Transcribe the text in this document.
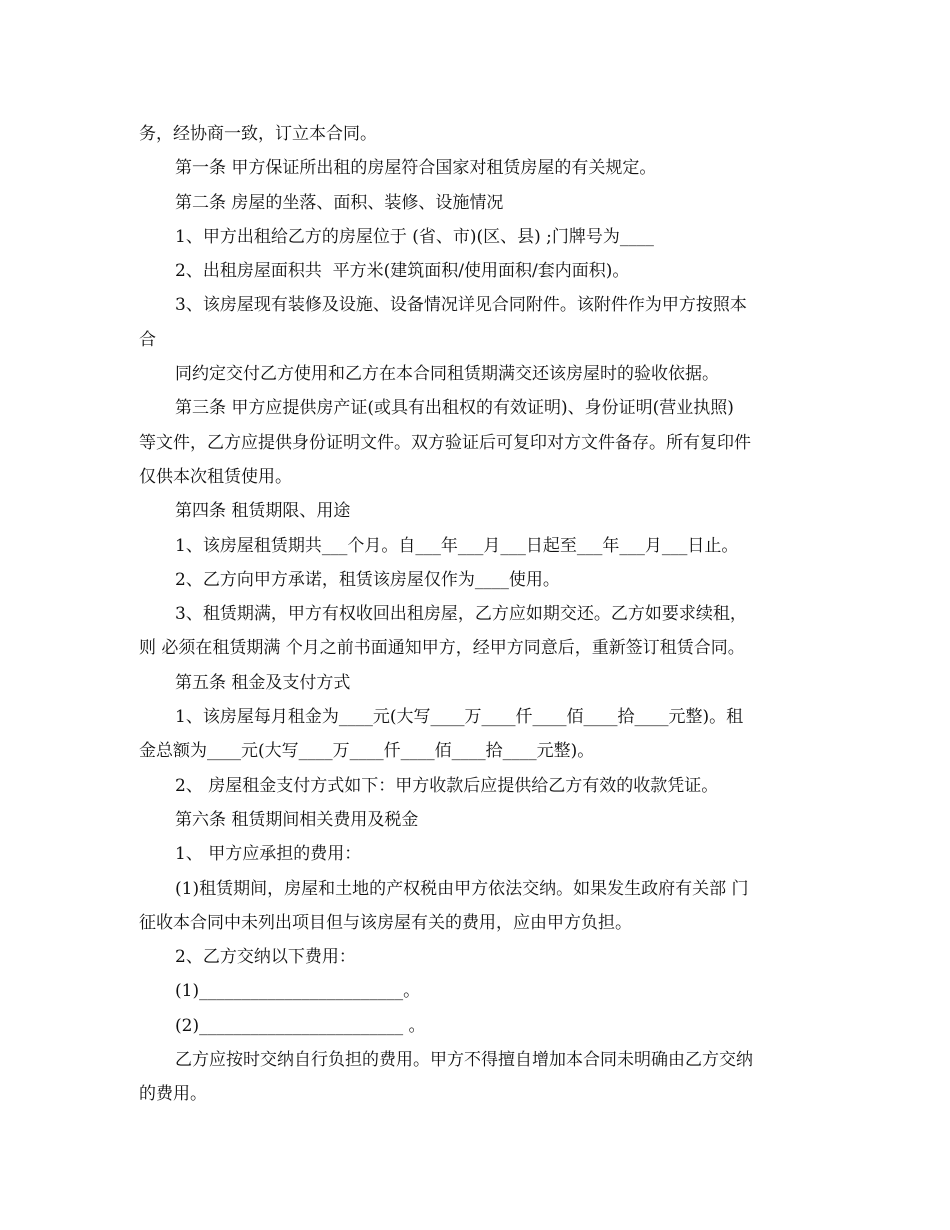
务，经协商一致，订立本合同。
第一条 甲方保证所出租的房屋符合国家对租赁房屋的有关规定。
第二条 房屋的坐落、面积、装修、设施情况
1、甲方出租给乙方的房屋位于 (省、市)(区、县) ;门牌号为____
2、出租房屋面积共  平方米(建筑面积/使用面积/套内面积)。
3、该房屋现有装修及设施、设备情况详见合同附件。该附件作为甲方按照本
合
同约定交付乙方使用和乙方在本合同租赁期满交还该房屋时的验收依据。
第三条 甲方应提供房产证(或具有出租权的有效证明)、身份证明(营业执照)
等文件，乙方应提供身份证明文件。双方验证后可复印对方文件备存。所有复印件
仅供本次租赁使用。
第四条 租赁期限、用途
1、该房屋租赁期共___个月。自___年___月___日起至___年___月___日止。
2、乙方向甲方承诺，租赁该房屋仅作为____使用。
3、租赁期满，甲方有权收回出租房屋，乙方应如期交还。乙方如要求续租，
则 必须在租赁期满 个月之前书面通知甲方，经甲方同意后，重新签订租赁合同。
第五条 租金及支付方式
1、该房屋每月租金为____元(大写____万____仟____佰____拾____元整)。租
金总额为____元(大写____万____仟____佰____拾____元整)。
2、 房屋租金支付方式如下：甲方收款后应提供给乙方有效的收款凭证。
第六条 租赁期间相关费用及税金
1、 甲方应承担的费用：
(1)租赁期间，房屋和土地的产权税由甲方依法交纳。如果发生政府有关部 门
征收本合同中未列出项目但与该房屋有关的费用，应由甲方负担。
2、乙方交纳以下费用：
(1)________________________。
(2)________________________ 。
乙方应按时交纳自行负担的费用。甲方不得擅自增加本合同未明确由乙方交纳
的费用。
